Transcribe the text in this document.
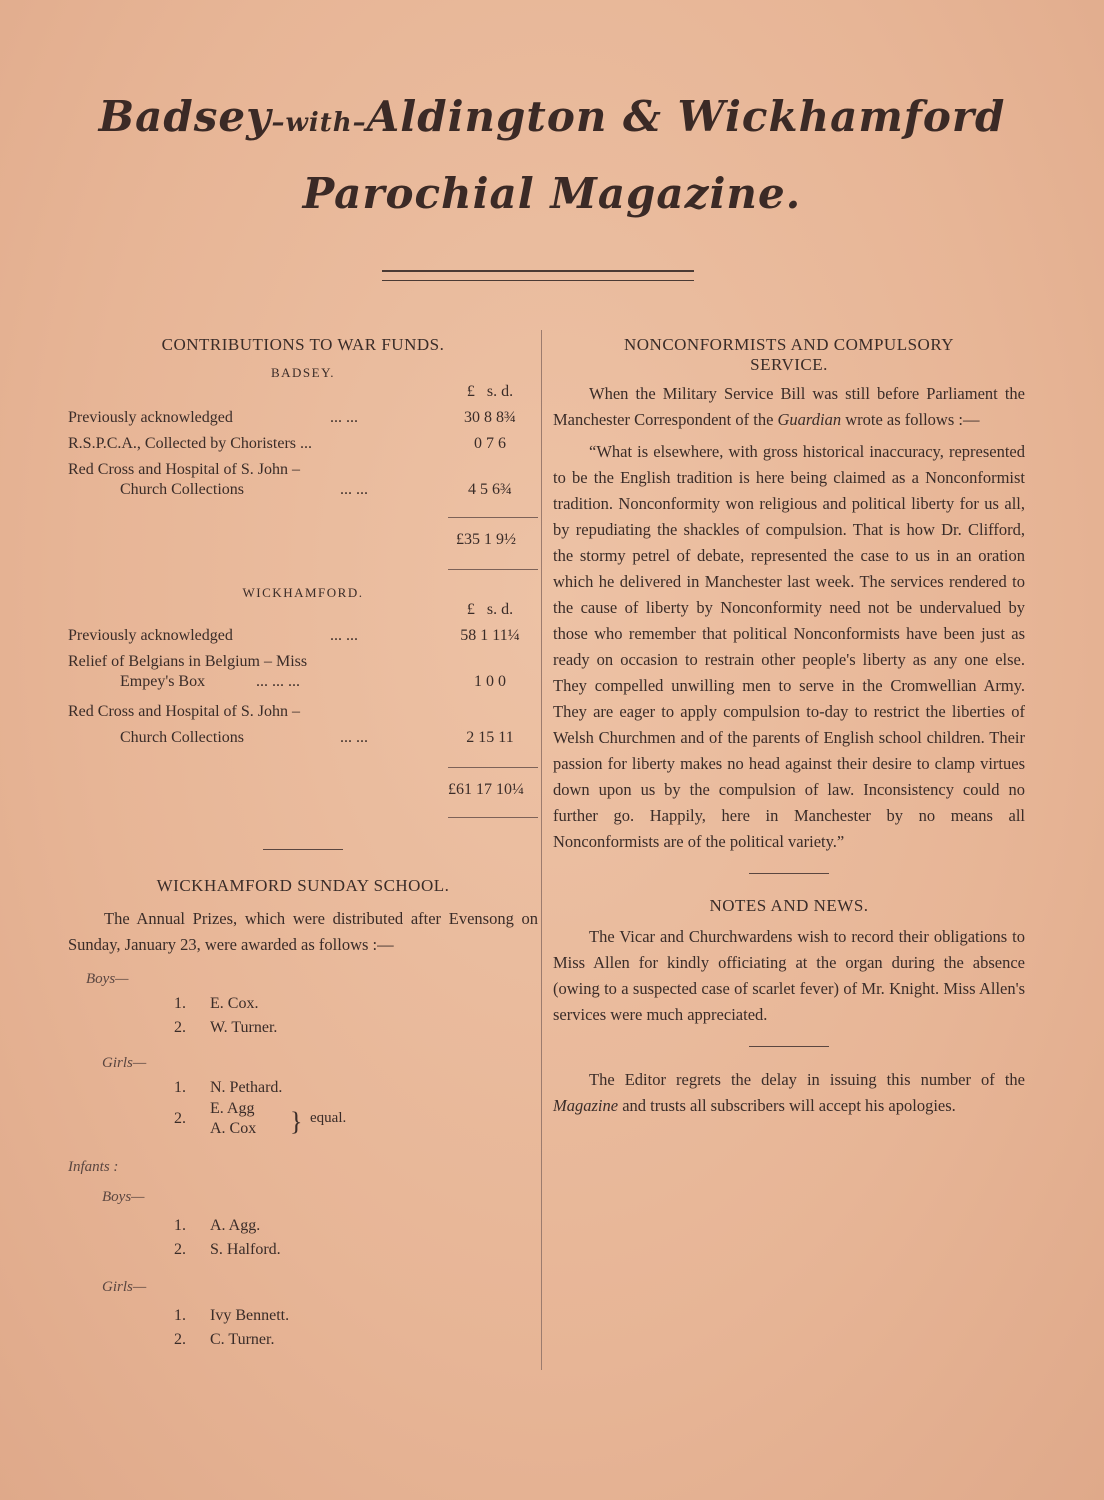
Badsey–with–Aldington & Wickhamford
Parochial Magazine.
CONTRIBUTIONS TO WAR FUNDS.
BADSEY.
£ s. d.
Previously acknowledged	... ...	30 8 8¾
R.S.P.C.A., Collected by Choristers ...	0 7 6
Red Cross and Hospital of S. John –
Church Collections	... ...	4 5 6¾
£35 1 9½
WICKHAMFORD.
£ s. d.
Previously acknowledged	... ...	58 1 11¼
Relief of Belgians in Belgium – Miss
Empey's Box	... ... ...	1 0 0
Red Cross and Hospital of S. John –
Church Collections	... ...	2 15 11
£61 17 10¼
WICKHAMFORD SUNDAY SCHOOL.
The Annual Prizes, which were distributed after Evensong on Sunday, January 23, were awarded as follows :—
Boys—
1. E. Cox.
2. W. Turner.
Girls—
1. N. Pethard.
2.
E. Agg
A. Cox } equal.
Infants :
Boys—
1. A. Agg.
2. S. Halford.
Girls—
1. Ivy Bennett.
2. C. Turner.
NONCONFORMISTS AND COMPULSORY
SERVICE.
When the Military Service Bill was still before Parliament the Manchester Correspondent of the Guardian wrote as follows :—
“What is elsewhere, with gross historical inaccuracy, represented to be the English tradition is here being claimed as a Nonconformist tradition. Nonconformity won religious and political liberty for us all, by repudiating the shackles of compulsion. That is how Dr. Clifford, the stormy petrel of debate, represented the case to us in an oration which he delivered in Manchester last week. The services rendered to the cause of liberty by Nonconformity need not be undervalued by those who remember that political Nonconformists have been just as ready on occasion to restrain other people's liberty as any one else. They compelled unwilling men to serve in the Cromwellian Army. They are eager to apply compulsion to-day to restrict the liberties of Welsh Churchmen and of the parents of English school children. Their passion for liberty makes no head against their desire to clamp virtues down upon us by the compulsion of law. Inconsistency could no further go. Happily, here in Manchester by no means all Nonconformists are of the political variety.”
NOTES AND NEWS.
The Vicar and Churchwardens wish to record their obligations to Miss Allen for kindly officiating at the organ during the absence (owing to a suspected case of scarlet fever) of Mr. Knight. Miss Allen's services were much appreciated.
The Editor regrets the delay in issuing this number of the Magazine and trusts all subscribers will accept his apologies.
